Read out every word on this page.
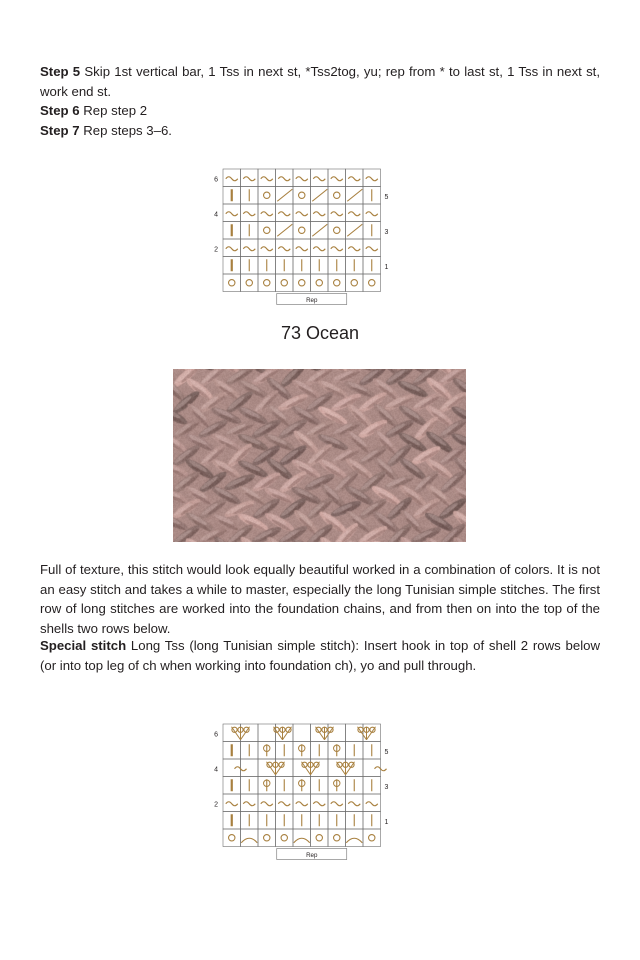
Step 5 Skip 1st vertical bar, 1 Tss in next st, *Tss2tog, yu; rep from * to last st, 1 Tss in next st, work end st.
Step 6 Rep step 2
Step 7 Rep steps 3–6.
6
4
2
5
3
1
Rep
73 Ocean
Full of texture, this stitch would look equally beautiful worked in a combination of colors. It is not an easy stitch and takes a while to master, especially the long Tunisian simple stitches. The first row of long stitches are worked into the foundation chains, and from then on into the top of the shells two rows below.
Special stitch Long Tss (long Tunisian simple stitch): Insert hook in top of shell 2 rows below (or into top leg of ch when working into foundation ch), yo and pull through.
6
4
2
5
3
1
Rep
